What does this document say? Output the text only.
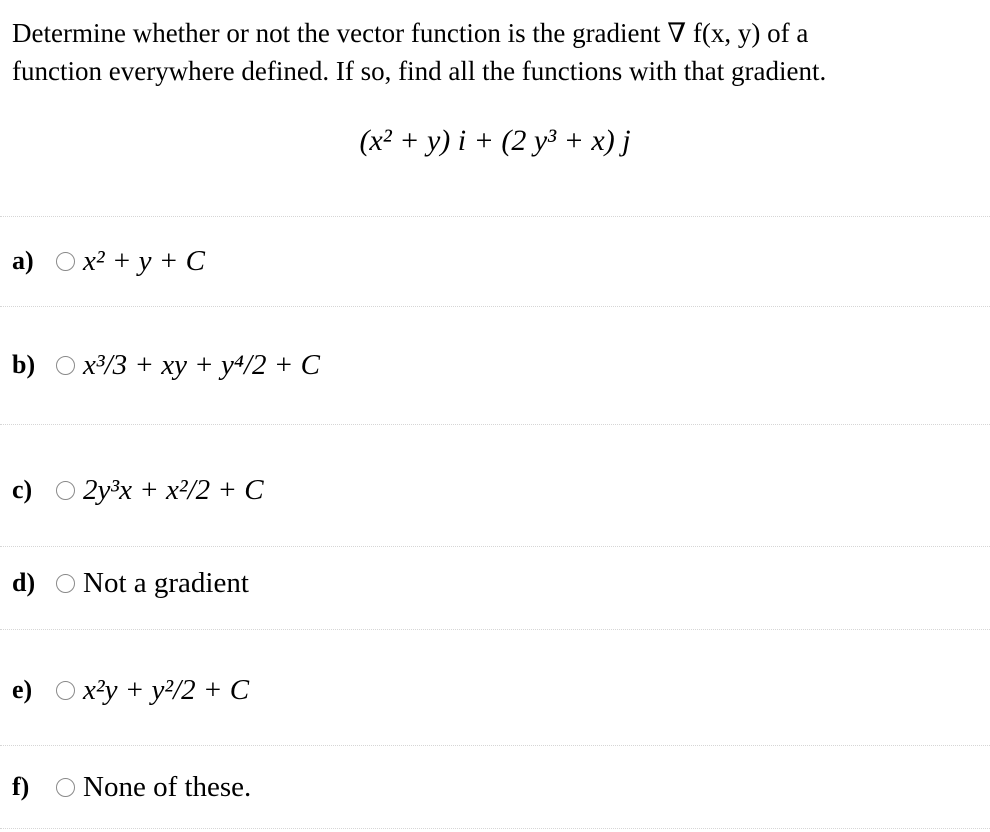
Determine whether or not the vector function is the gradient ∇ f(x, y) of a
function everywhere defined. If so, find all the functions with that gradient.
(x² + y) i + (2 y³ + x) j
a)	x² + y + C
b)	x³/3 + xy + y⁴/2 + C
c)	2y³x + x²/2 + C
d)	Not a gradient
e)	x²y + y²/2 + C
f)	None of these.
